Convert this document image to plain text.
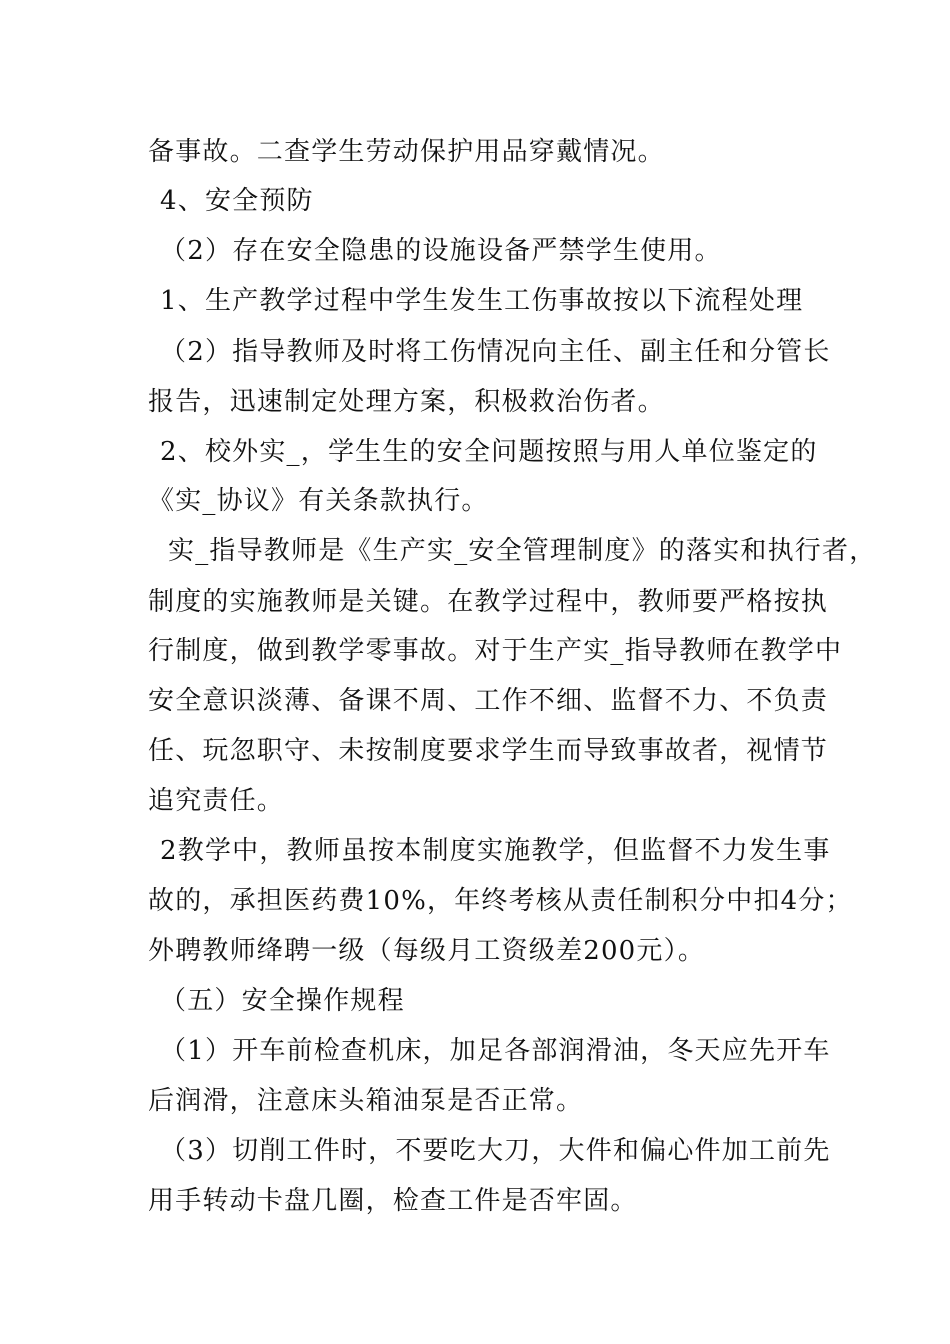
备事故。二查学生劳动保护用品穿戴情况。
4、安全预防
（2）存在安全隐患的设施设备严禁学生使用。
1、生产教学过程中学生发生工伤事故按以下流程处理
（2）指导教师及时将工伤情况向主任、副主任和分管长
报告，迅速制定处理方案，积极救治伤者。
2、校外实_，学生生的安全问题按照与用人单位鉴定的
《实_协议》有关条款执行。
实_指导教师是《生产实_安全管理制度》的落实和执行者，
制度的实施教师是关键。在教学过程中，教师要严格按执
行制度，做到教学零事故。对于生产实_指导教师在教学中
安全意识淡薄、备课不周、工作不细、监督不力、不负责
任、玩忽职守、未按制度要求学生而导致事故者，视情节
追究责任。
2教学中，教师虽按本制度实施教学，但监督不力发生事
故的，承担医药费10%，年终考核从责任制积分中扣4分；
外聘教师绛聘一级（每级月工资级差200元）。
（五）安全操作规程
（1）开车前检查机床，加足各部润滑油，冬天应先开车
后润滑，注意床头箱油泵是否正常。
（3）切削工件时，不要吃大刀，大件和偏心件加工前先
用手转动卡盘几圈，检查工件是否牢固。
